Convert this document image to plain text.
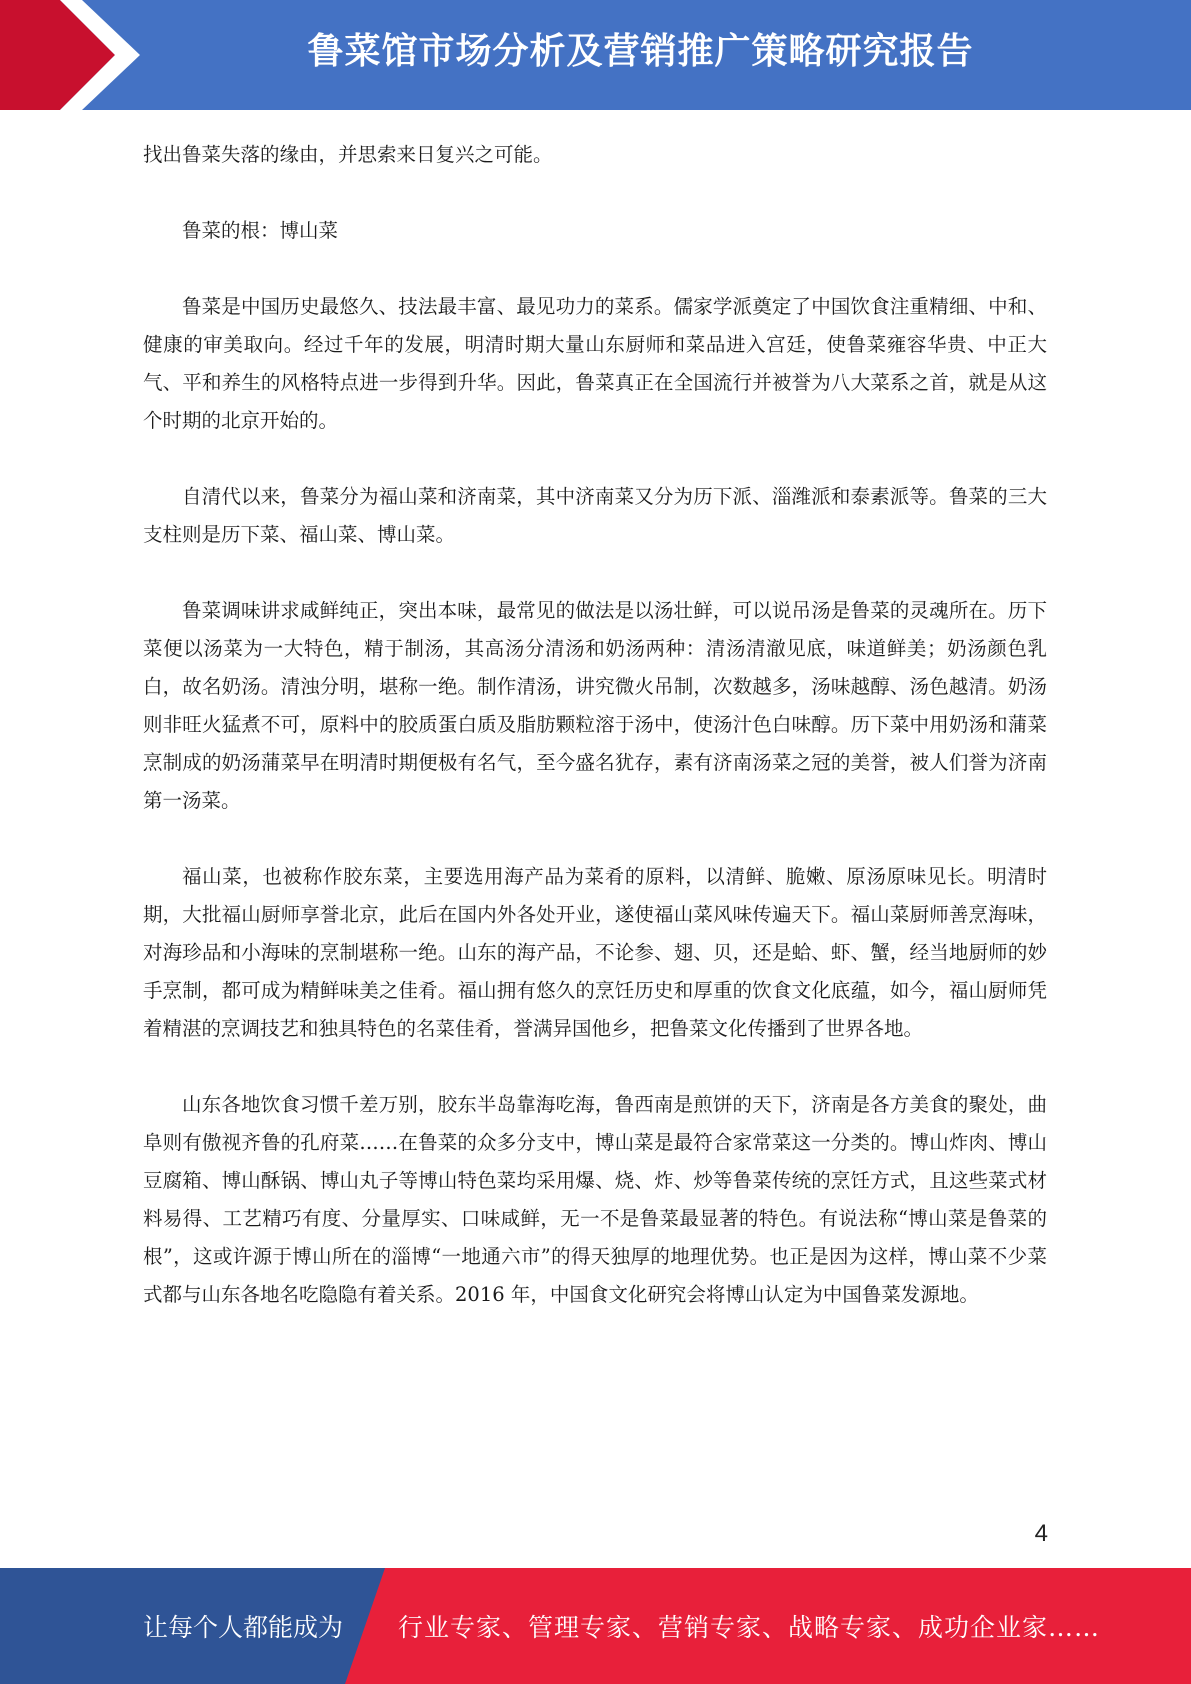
鲁菜馆市场分析及营销推广策略研究报告

找出鲁菜失落的缘由，并思索来日复兴之可能。

鲁菜的根：博山菜

鲁菜是中国历史最悠久、技法最丰富、最见功力的菜系。儒家学派奠定了中国饮食注重精细、中和、健康的审美取向。经过千年的发展，明清时期大量山东厨师和菜品进入宫廷，使鲁菜雍容华贵、中正大气、平和养生的风格特点进一步得到升华。因此，鲁菜真正在全国流行并被誉为八大菜系之首，就是从这个时期的北京开始的。

自清代以来，鲁菜分为福山菜和济南菜，其中济南菜又分为历下派、淄潍派和泰素派等。鲁菜的三大支柱则是历下菜、福山菜、博山菜。

鲁菜调味讲求咸鲜纯正，突出本味，最常见的做法是以汤壮鲜，可以说吊汤是鲁菜的灵魂所在。历下菜便以汤菜为一大特色，精于制汤，其高汤分清汤和奶汤两种：清汤清澈见底，味道鲜美；奶汤颜色乳白，故名奶汤。清浊分明，堪称一绝。制作清汤，讲究微火吊制，次数越多，汤味越醇、汤色越清。奶汤则非旺火猛煮不可，原料中的胶质蛋白质及脂肪颗粒溶于汤中，使汤汁色白味醇。历下菜中用奶汤和蒲菜烹制成的奶汤蒲菜早在明清时期便极有名气，至今盛名犹存，素有济南汤菜之冠的美誉，被人们誉为济南第一汤菜。

福山菜，也被称作胶东菜，主要选用海产品为菜肴的原料，以清鲜、脆嫩、原汤原味见长。明清时期，大批福山厨师享誉北京，此后在国内外各处开业，遂使福山菜风味传遍天下。福山菜厨师善烹海味，对海珍品和小海味的烹制堪称一绝。山东的海产品，不论参、翅、贝，还是蛤、虾、蟹，经当地厨师的妙手烹制，都可成为精鲜味美之佳肴。福山拥有悠久的烹饪历史和厚重的饮食文化底蕴，如今，福山厨师凭着精湛的烹调技艺和独具特色的名菜佳肴，誉满异国他乡，把鲁菜文化传播到了世界各地。

山东各地饮食习惯千差万别，胶东半岛靠海吃海，鲁西南是煎饼的天下，济南是各方美食的聚处，曲阜则有傲视齐鲁的孔府菜……在鲁菜的众多分支中，博山菜是最符合家常菜这一分类的。博山炸肉、博山豆腐箱、博山酥锅、博山丸子等博山特色菜均采用爆、烧、炸、炒等鲁菜传统的烹饪方式，且这些菜式材料易得、工艺精巧有度、分量厚实、口味咸鲜，无一不是鲁菜最显著的特色。有说法称“博山菜是鲁菜的根”，这或许源于博山所在的淄博“一地通六市”的得天独厚的地理优势。也正是因为这样，博山菜不少菜式都与山东各地名吃隐隐有着关系。2016 年，中国食文化研究会将博山认定为中国鲁菜发源地。

4
让每个人都能成为 行业专家、管理专家、营销专家、战略专家、成功企业家……
